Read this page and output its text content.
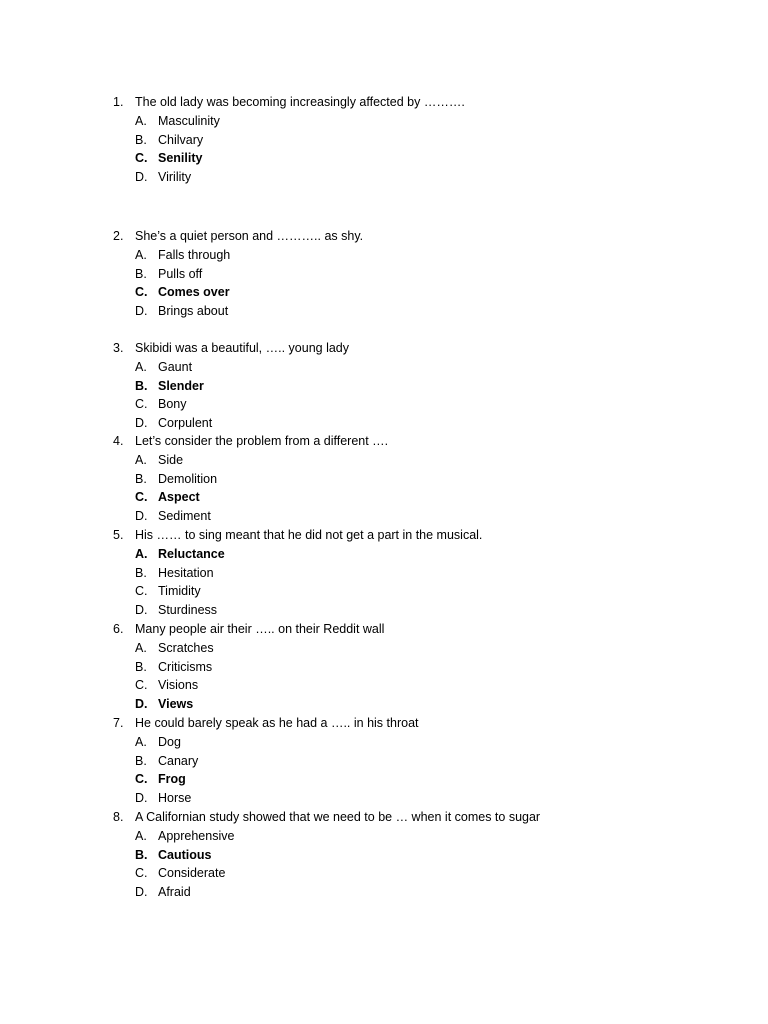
1. The old lady was becoming increasingly affected by ……….
A. Masculinity
B. Chilvary
C. Senility
D. Virility
2. She’s a quiet person and ……….. as shy.
A. Falls through
B. Pulls off
C. Comes over
D. Brings about
3. Skibidi was a beautiful, ….. young lady
A. Gaunt
B. Slender
C. Bony
D. Corpulent
4. Let’s consider the problem from a different ….
A. Side
B. Demolition
C. Aspect
D. Sediment
5. His …… to sing meant that he did not get a part in the musical.
A. Reluctance
B. Hesitation
C. Timidity
D. Sturdiness
6. Many people air their ….. on their Reddit wall
A. Scratches
B. Criticisms
C. Visions
D. Views
7. He could barely speak as he had a ….. in his throat
A. Dog
B. Canary
C. Frog
D. Horse
8. A Californian study showed that we need to be … when it comes to sugar
A. Apprehensive
B. Cautious
C. Considerate
D. Afraid
